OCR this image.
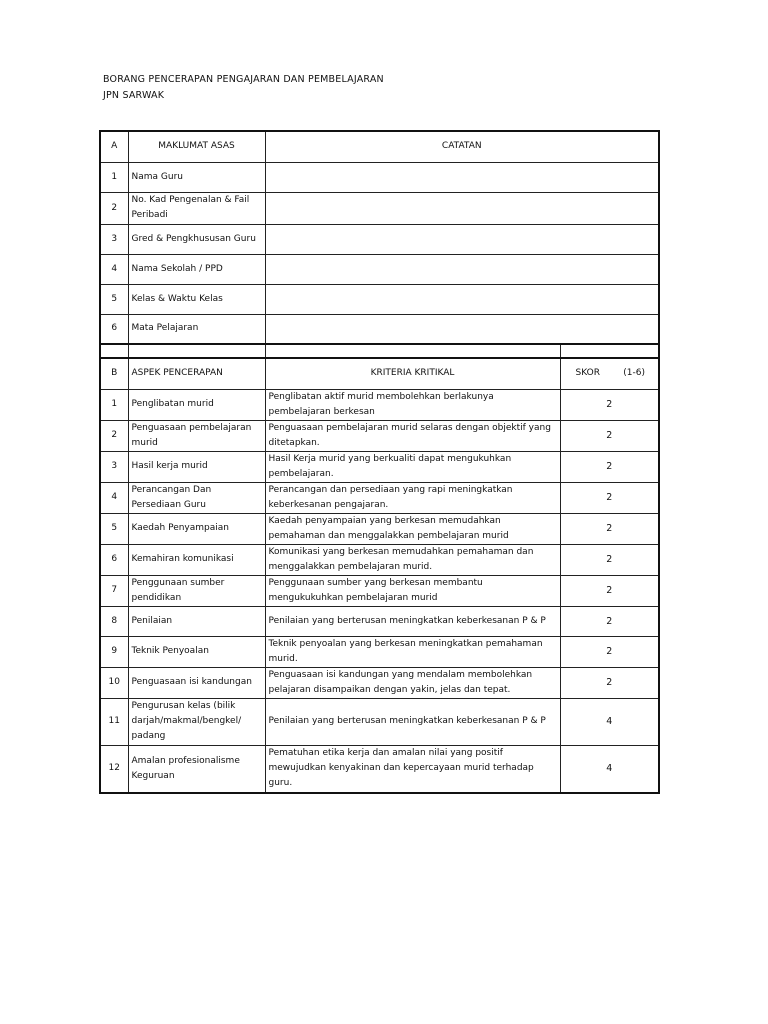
BORANG PENCERAPAN PENGAJARAN DAN PEMBELAJARAN
JPN SARWAK
A	MAKLUMAT ASAS	CATATAN	
1	Nama Guru		
2	No. Kad Pengenalan & Fail Peribadi		
3	Gred & Pengkhususan Guru		
4	Nama Sekolah / PPD		
5	Kelas & Waktu Kelas		
6	Mata Pelajaran		

B	ASPEK PENCERAPAN	KRITERIA KRITIKAL	SKOR (1-6)

1	Penglibatan murid	Penglibatan aktif murid membolehkan berlakunya pembelajaran berkesan	2
2	Penguasaan pembelajaran murid	Penguasaan pembelajaran murid selaras dengan objektif yang ditetapkan.	2
3	Hasil kerja murid	Hasil Kerja murid yang berkualiti dapat mengukuhkan pembelajaran.	2
4	Perancangan Dan Persediaan Guru	Perancangan dan persediaan yang rapi meningkatkan keberkesanan pengajaran.	2
5	Kaedah Penyampaian	Kaedah penyampaian yang berkesan memudahkan pemahaman dan menggalakkan pembelajaran murid	2
6	Kemahiran komunikasi	Komunikasi yang berkesan memudahkan pemahaman dan menggalakkan pembelajaran murid.	2
7	Penggunaan sumber pendidikan	Penggunaan sumber yang berkesan membantu mengukukuhkan pembelajaran murid	2
8	Penilaian	Penilaian yang berterusan meningkatkan keberkesanan P & P	2
9	Teknik Penyoalan	Teknik penyoalan yang berkesan meningkatkan pemahaman murid.	2
10	Penguasaan isi kandungan	Penguasaan isi kandungan yang mendalam membolehkan pelajaran disampaikan dengan yakin, jelas dan tepat.	2
11	Pengurusan kelas (bilik darjah/makmal/bengkel/ padang	Penilaian yang berterusan meningkatkan keberkesanan P & P	4
12	Amalan profesionalisme Keguruan	Pematuhan etika kerja dan amalan nilai yang positif mewujudkan kenyakinan dan kepercayaan murid terhadap guru.	4
